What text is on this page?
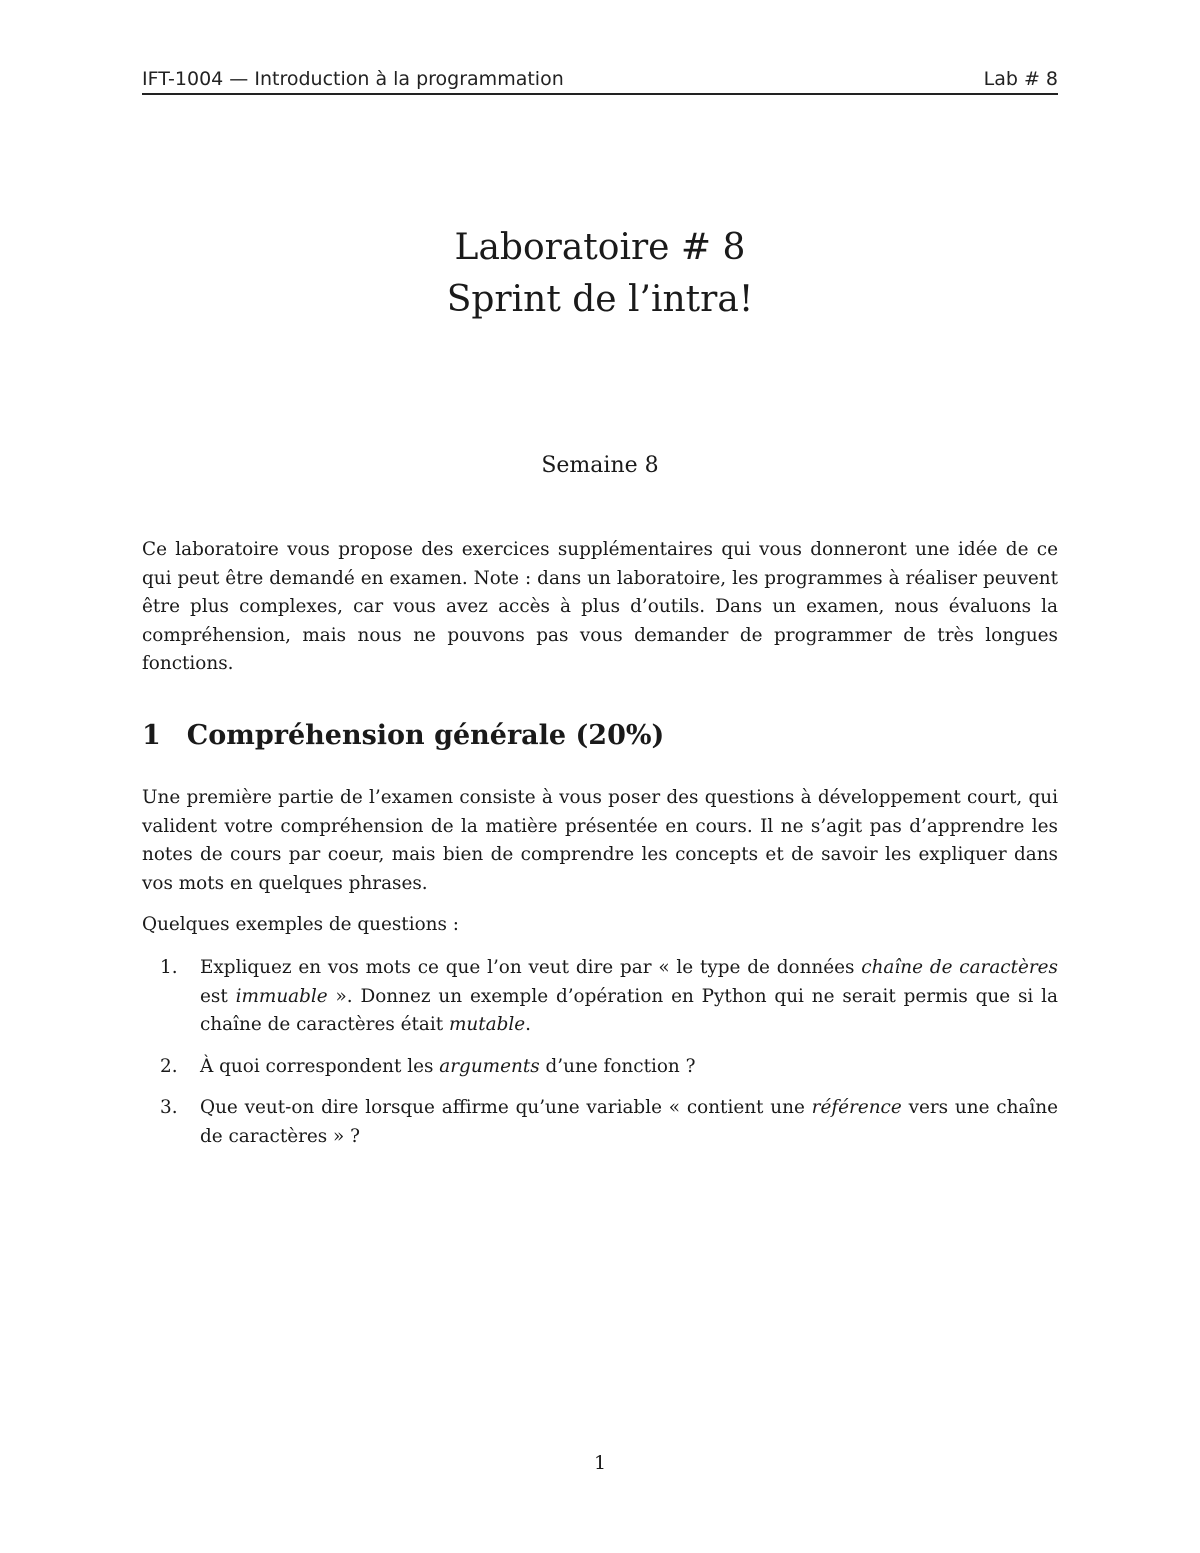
IFT-1004 — Introduction à la programmation	Lab # 8
Laboratoire # 8
Sprint de l’intra!
Semaine 8

Ce laboratoire vous propose des exercices supplémentaires qui vous donneront une idée de ce qui peut être demandé en examen. Note : dans un laboratoire, les programmes à réaliser peuvent être plus complexes, car vous avez accès à plus d’outils. Dans un examen, nous évaluons la compréhension, mais nous ne pouvons pas vous demander de programmer de très longues fonctions.

1 Compréhension générale (20%)

Une première partie de l’examen consiste à vous poser des questions à développement court, qui valident votre compréhension de la matière présentée en cours. Il ne s’agit pas d’apprendre les notes de cours par coeur, mais bien de comprendre les concepts et de savoir les expliquer dans vos mots en quelques phrases.

Quelques exemples de questions :

1.	Expliquez en vos mots ce que l’on veut dire par « le type de données chaîne de caractères est immuable ». Donnez un exemple d’opération en Python qui ne serait permis que si la chaîne de caractères était mutable.
2.	À quoi correspondent les arguments d’une fonction ?
3.	Que veut-on dire lorsque affirme qu’une variable « contient une référence vers une chaîne de caractères » ?
1
